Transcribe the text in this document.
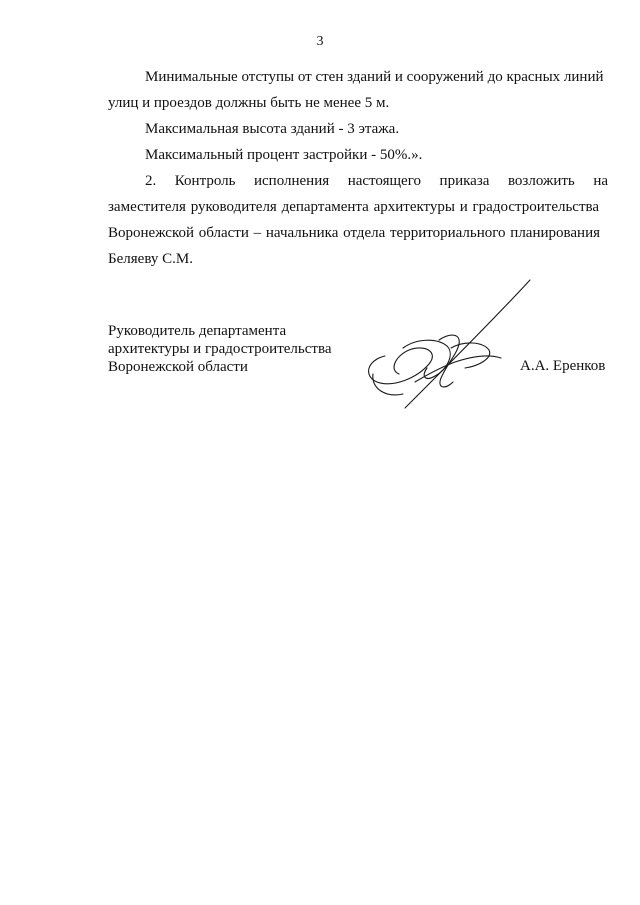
3
Минимальные отступы от стен зданий и сооружений до красных линий
улиц и проездов должны быть не менее 5 м.
Максимальная высота зданий - 3 этажа.
Максимальный процент застройки - 50%.».
2. Контроль исполнения настоящего приказа возложить на
заместителя руководителя департамента архитектуры и градостроительства
Воронежской области – начальника отдела территориального планирования
Беляеву С.М.
Руководитель департамента
архитектуры и градостроительства
Воронежской области	А.А. Еренков
